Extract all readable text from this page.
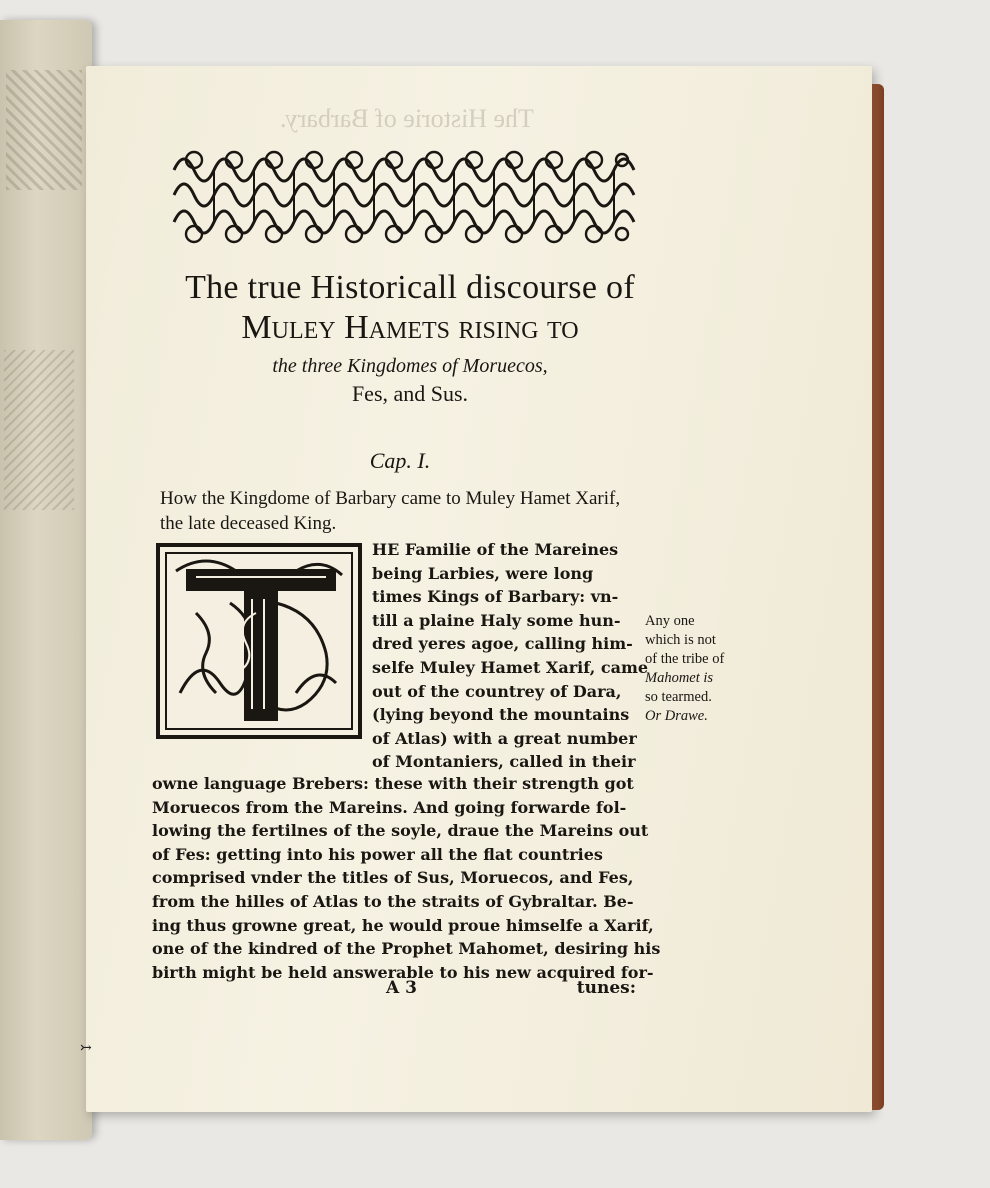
The Historie of Barbary.
The true Historicall discourse of
Muley Hamets rising to
the three Kingdomes of Moruecos,
Fes, and Sus.
Cap. I.
How the Kingdome of Barbary came to Muley Hamet Xarif, the late deceased King.
HE Familie of the Mareines
being Larbies, were long
times Kings of Barbary: vn-
till a plaine Haly some hun-
dred yeres agoe, calling him-
selfe Muley Hamet Xarif, came
out of the countrey of Dara,
(lying beyond the mountains
of Atlas) with a great number
of Montaniers, called in their
owne language Brebers: these with their strength got
Moruecos from the Mareins. And going forwarde fol-
lowing the fertilnes of the soyle, draue the Mareins out
of Fes: getting into his power all the flat countries
comprised vnder the titles of Sus, Moruecos, and Fes,
from the hilles of Atlas to the straits of Gybraltar. Be-
ing thus growne great, he would proue himselfe a Xarif,
one of the kindred of the Prophet Mahomet, desiring his
birth might be held answerable to his new acquired for-
Any one
which is not
of the tribe of
Mahomet is
so tearmed.
Or Drawe.
A 3	tunes:
↣
